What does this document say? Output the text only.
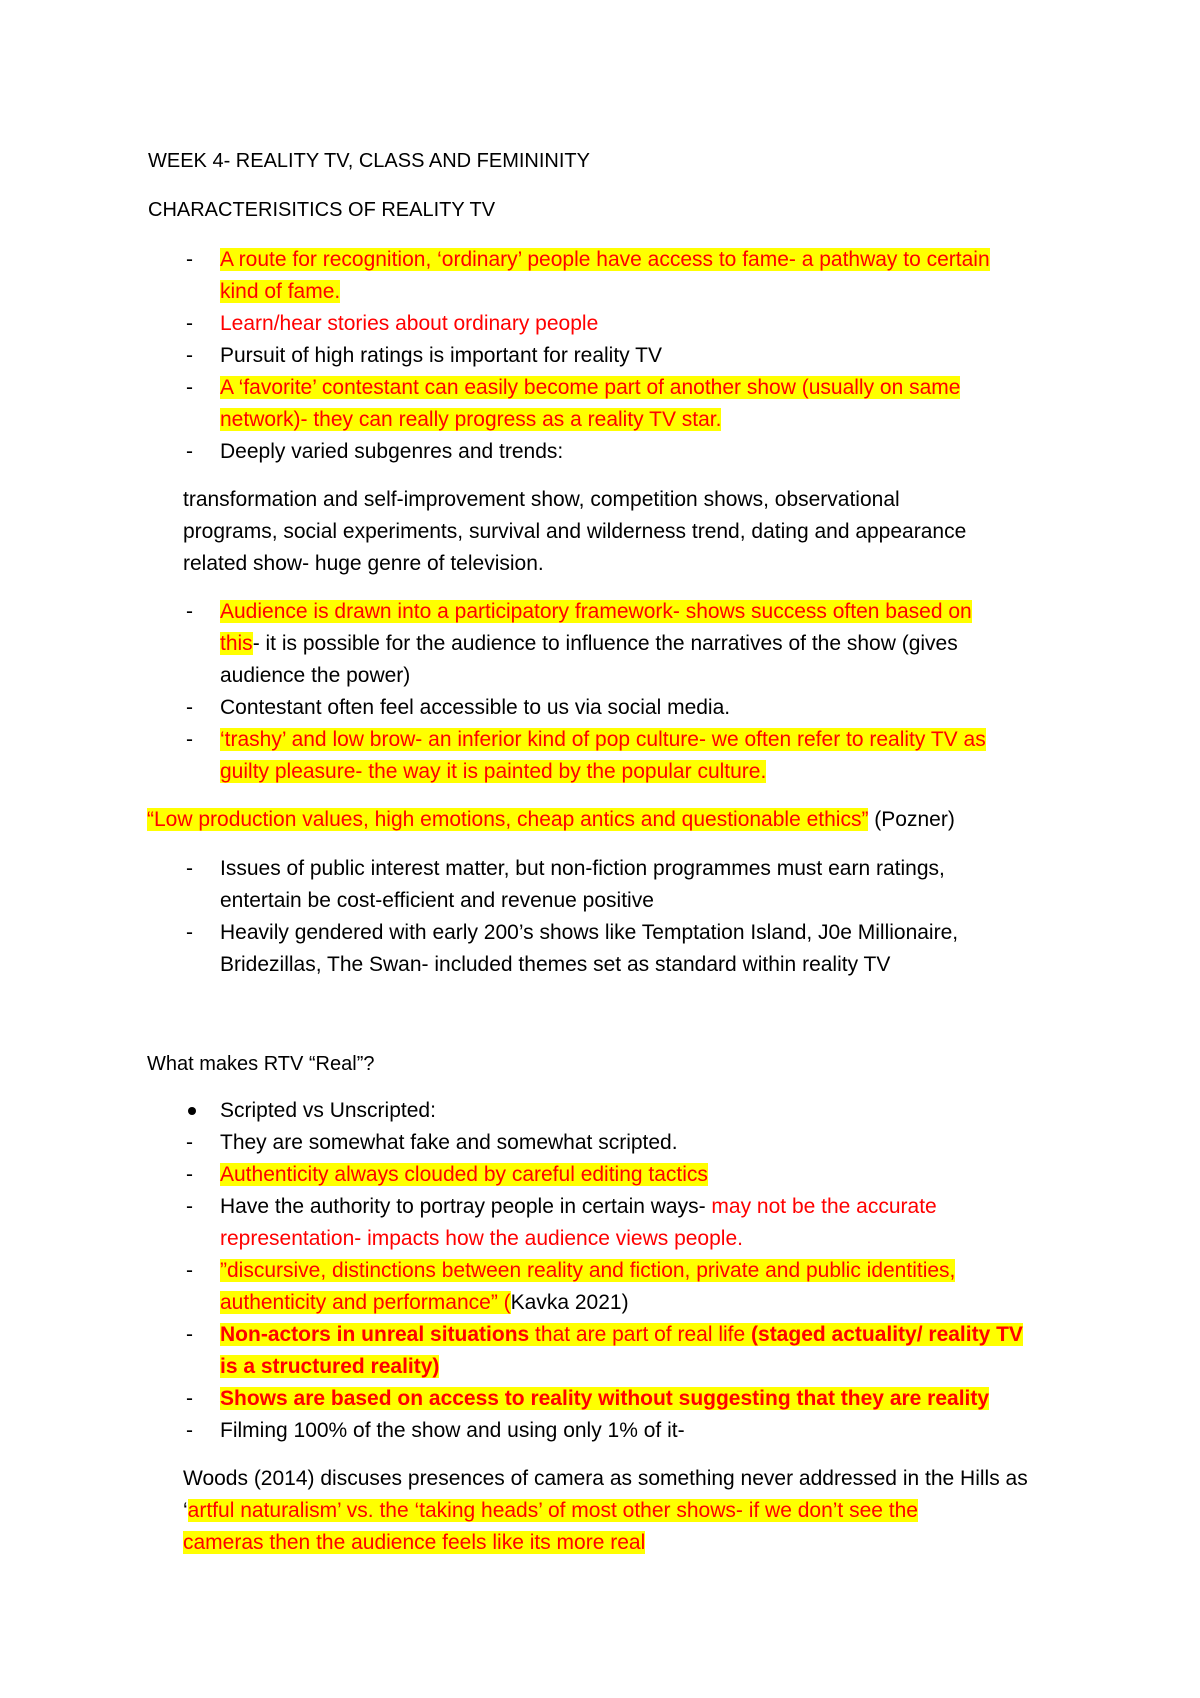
WEEK 4- REALITY TV, CLASS AND FEMININITY
CHARACTERISITICS OF REALITY TV
-	A route for recognition, ‘ordinary’ people have access to fame- a pathway to certain
kind of fame.
-	Learn/hear stories about ordinary people
-	Pursuit of high ratings is important for reality TV
-	A ‘favorite’ contestant can easily become part of another show (usually on same
network)- they can really progress as a reality TV star.
-	Deeply varied subgenres and trends:
transformation and self-improvement show, competition shows, observational
programs, social experiments, survival and wilderness trend, dating and appearance
related show- huge genre of television.
-	Audience is drawn into a participatory framework- shows success often based on
this- it is possible for the audience to influence the narratives of the show (gives
audience the power)
-	Contestant often feel accessible to us via social media.
-	‘trashy’ and low brow- an inferior kind of pop culture- we often refer to reality TV as
guilty pleasure- the way it is painted by the popular culture.
“Low production values, high emotions, cheap antics and questionable ethics” (Pozner)
-	Issues of public interest matter, but non-fiction programmes must earn ratings,
entertain be cost-efficient and revenue positive
-	Heavily gendered with early 200’s shows like Temptation Island, J0e Millionaire,
Bridezillas, The Swan- included themes set as standard within reality TV
What makes RTV “Real”?
Scripted vs Unscripted:
-	They are somewhat fake and somewhat scripted.
-	Authenticity always clouded by careful editing tactics
-	Have the authority to portray people in certain ways- may not be the accurate
representation- impacts how the audience views people.
-	”discursive, distinctions between reality and fiction, private and public identities,
authenticity and performance” (Kavka 2021)
-	Non-actors in unreal situations that are part of real life (staged actuality/ reality TV
is a structured reality)
-	Shows are based on access to reality without suggesting that they are reality
-	Filming 100% of the show and using only 1% of it-
Woods (2014) discuses presences of camera as something never addressed in the Hills as
‘artful naturalism’ vs. the ‘taking heads’ of most other shows- if we don’t see the
cameras then the audience feels like its more real
